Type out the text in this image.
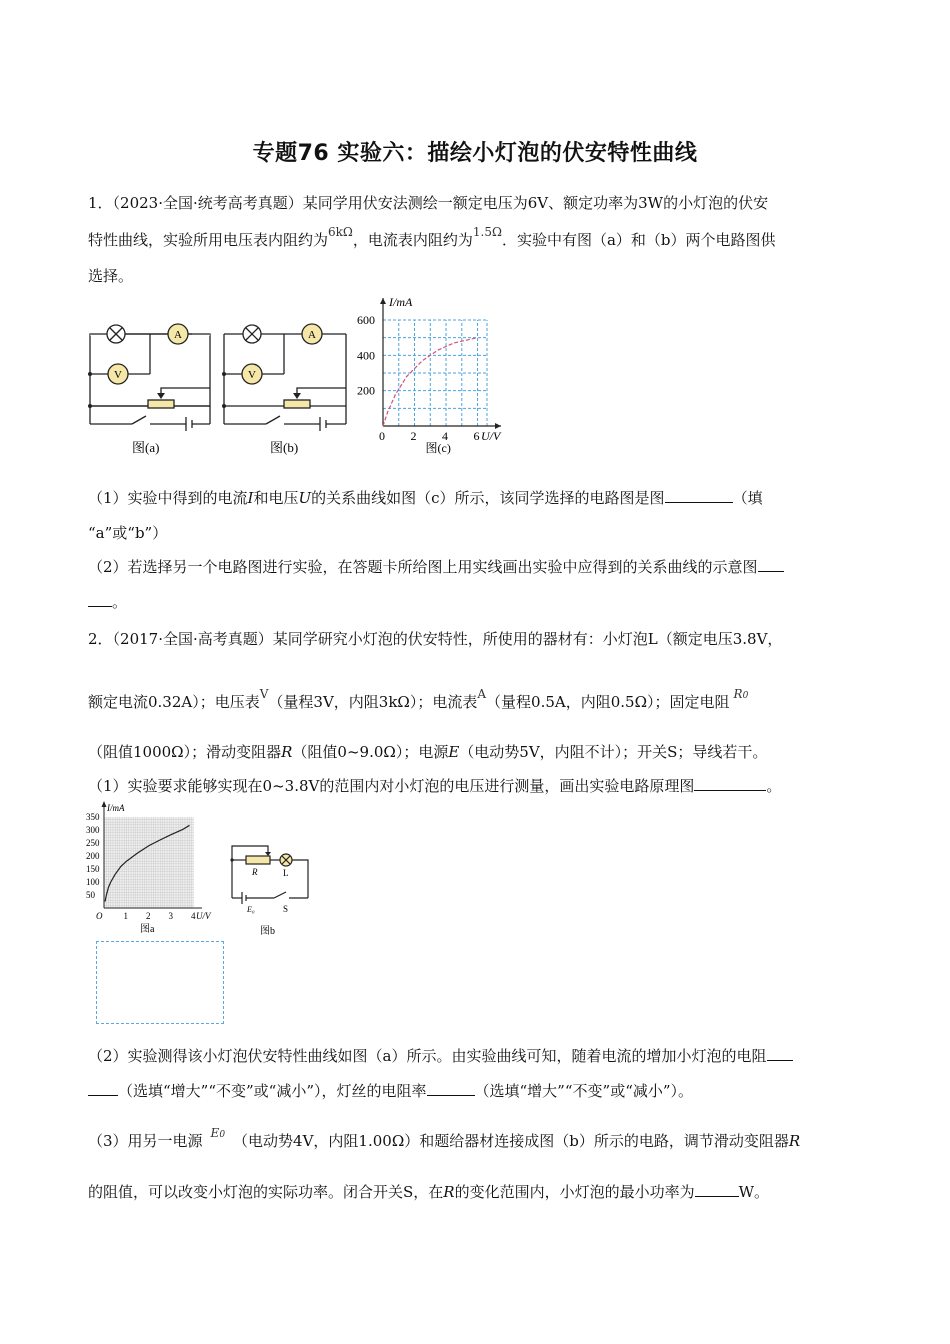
专题76 实验六：描绘小灯泡的伏安特性曲线
1．（2023·全国·统考高考真题）某同学用伏安法测绘一额定电压为6V、额定功率为3W的小灯泡的伏安
特性曲线，实验所用电压表内阻约为$^{6k\Omega}$，电流表内阻约为$^{1.5\Omega}$．实验中有图（a）和（b）两个电路图供
选择。
A
V
图(a)
A
V
图(b)
0 2 4 6
200
400
600
U/V
I/mA
图(c)
（1）实验中得到的电流I和电压U的关系曲线如图（c）所示，该同学选择的电路图是图	（填
“a”或“b”）
（2）若选择另一个电路图进行实验，在答题卡所给图上用实线画出实验中应得到的关系曲线的示意图
。
2．（2017·全国·高考真题）某同学研究小灯泡的伏安特性，所使用的器材有：小灯泡L（额定电压3.8V，
额定电流0.32A）；电压表$^V$（量程3V，内阻3kΩ）；电流表$^A$（量程0.5A，内阻0.5Ω）；固定电阻 $^{R0}$
（阻值1000Ω）；滑动变阻器R（阻值0~9.0Ω）；电源E（电动势5V，内阻不计）；开关S；导线若干。
（1）实验要求能够实现在0~3.8V的范围内对小灯泡的电压进行测量，画出实验电路原理图	。
1 2 3 4
50
100
150
200
250
300
350
O	U/V
I/mA
图a
R	L
E₀	S
图b
（2）实验测得该小灯泡伏安特性曲线如图（a）所示。由实验曲线可知，随着电流的增加小灯泡的电阻
（选填“增大”“不变”或“减小”），灯丝的电阻率	（选填“增大”“不变”或“减小”）。
（3）用另一电源 $^{E0}$ （电动势4V，内阻1.00Ω）和题给器材连接成图（b）所示的电路，调节滑动变阻器R
的阻值，可以改变小灯泡的实际功率。闭合开关S，在R的变化范围内，小灯泡的最小功率为	W。
